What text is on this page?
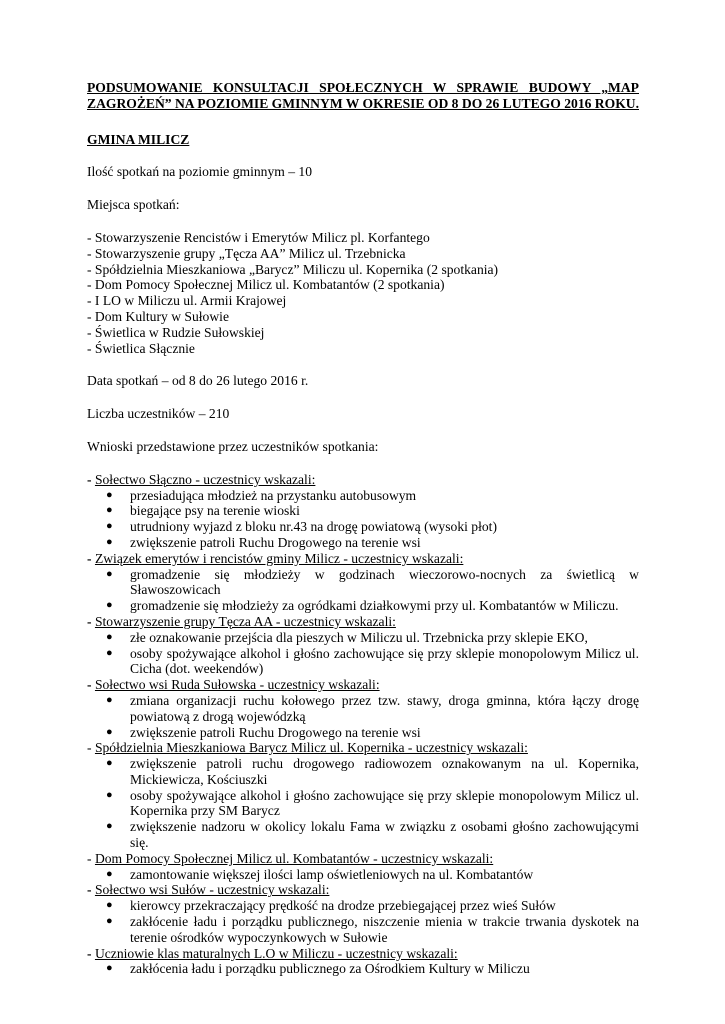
PODSUMOWANIE KONSULTACJI SPOŁECZNYCH W SPRAWIE BUDOWY „MAP ZAGROŻEŃ” NA POZIOMIE GMINNYM W OKRESIE OD 8 DO 26 LUTEGO 2016 ROKU.

GMINA MILICZ

Ilość spotkań na poziomie gminnym – 10

Miejsca spotkań:

- Stowarzyszenie Rencistów i Emerytów Milicz pl. Korfantego
- Stowarzyszenie grupy „Tęcza AA” Milicz ul. Trzebnicka
- Spółdzielnia Mieszkaniowa „Barycz” Miliczu ul. Kopernika (2 spotkania)
- Dom Pomocy Społecznej Milicz ul. Kombatantów (2 spotkania)
- I LO w Miliczu ul. Armii Krajowej
- Dom Kultury w Sułowie
- Świetlica w Rudzie Sułowskiej
- Świetlica Słącznie

Data spotkań – od 8 do 26 lutego 2016 r.

Liczba uczestników – 210

Wnioski przedstawione przez uczestników spotkania:

- Sołectwo Słączno - uczestnicy wskazali:
● przesiadująca młodzież na przystanku autobusowym
● biegające psy na terenie wioski
● utrudniony wyjazd z bloku nr.43 na drogę powiatową (wysoki płot)
● zwiększenie patroli Ruchu Drogowego na terenie wsi
- Związek emerytów i rencistów gminy Milicz - uczestnicy wskazali:
● gromadzenie się młodzieży w godzinach wieczorowo-nocnych za świetlicą w Sławoszowicach
● gromadzenie się młodzieży za ogródkami działkowymi przy ul. Kombatantów w Miliczu.
- Stowarzyszenie grupy Tęcza AA - uczestnicy wskazali:
● złe oznakowanie przejścia dla pieszych w Miliczu ul. Trzebnicka przy sklepie EKO,
● osoby spożywające alkohol i głośno zachowujące się przy sklepie monopolowym Milicz ul. Cicha (dot. weekendów)
- Sołectwo wsi Ruda Sułowska - uczestnicy wskazali:
● zmiana organizacji ruchu kołowego przez tzw. stawy, droga gminna, która łączy drogę powiatową z drogą wojewódzką
● zwiększenie patroli Ruchu Drogowego na terenie wsi
- Spółdzielnia Mieszkaniowa Barycz Milicz ul. Kopernika - uczestnicy wskazali:
● zwiększenie patroli ruchu drogowego radiowozem oznakowanym na ul. Kopernika, Mickiewicza, Kościuszki
● osoby spożywające alkohol i głośno zachowujące się przy sklepie monopolowym Milicz ul. Kopernika przy SM Barycz
● zwiększenie nadzoru w okolicy lokalu Fama w związku z osobami głośno zachowującymi się.
- Dom Pomocy Społecznej Milicz ul. Kombatantów - uczestnicy wskazali:
● zamontowanie większej ilości lamp oświetleniowych na ul. Kombatantów
- Sołectwo wsi Sułów - uczestnicy wskazali:
● kierowcy przekraczający prędkość na drodze przebiegającej przez wieś Sułów
● zakłócenie ładu i porządku publicznego, niszczenie mienia w trakcie trwania dyskotek na terenie ośrodków wypoczynkowych w Sułowie
- Uczniowie klas maturalnych L.O w Miliczu - uczestnicy wskazali:
● zakłócenia ładu i porządku publicznego za Ośrodkiem Kultury w Miliczu
